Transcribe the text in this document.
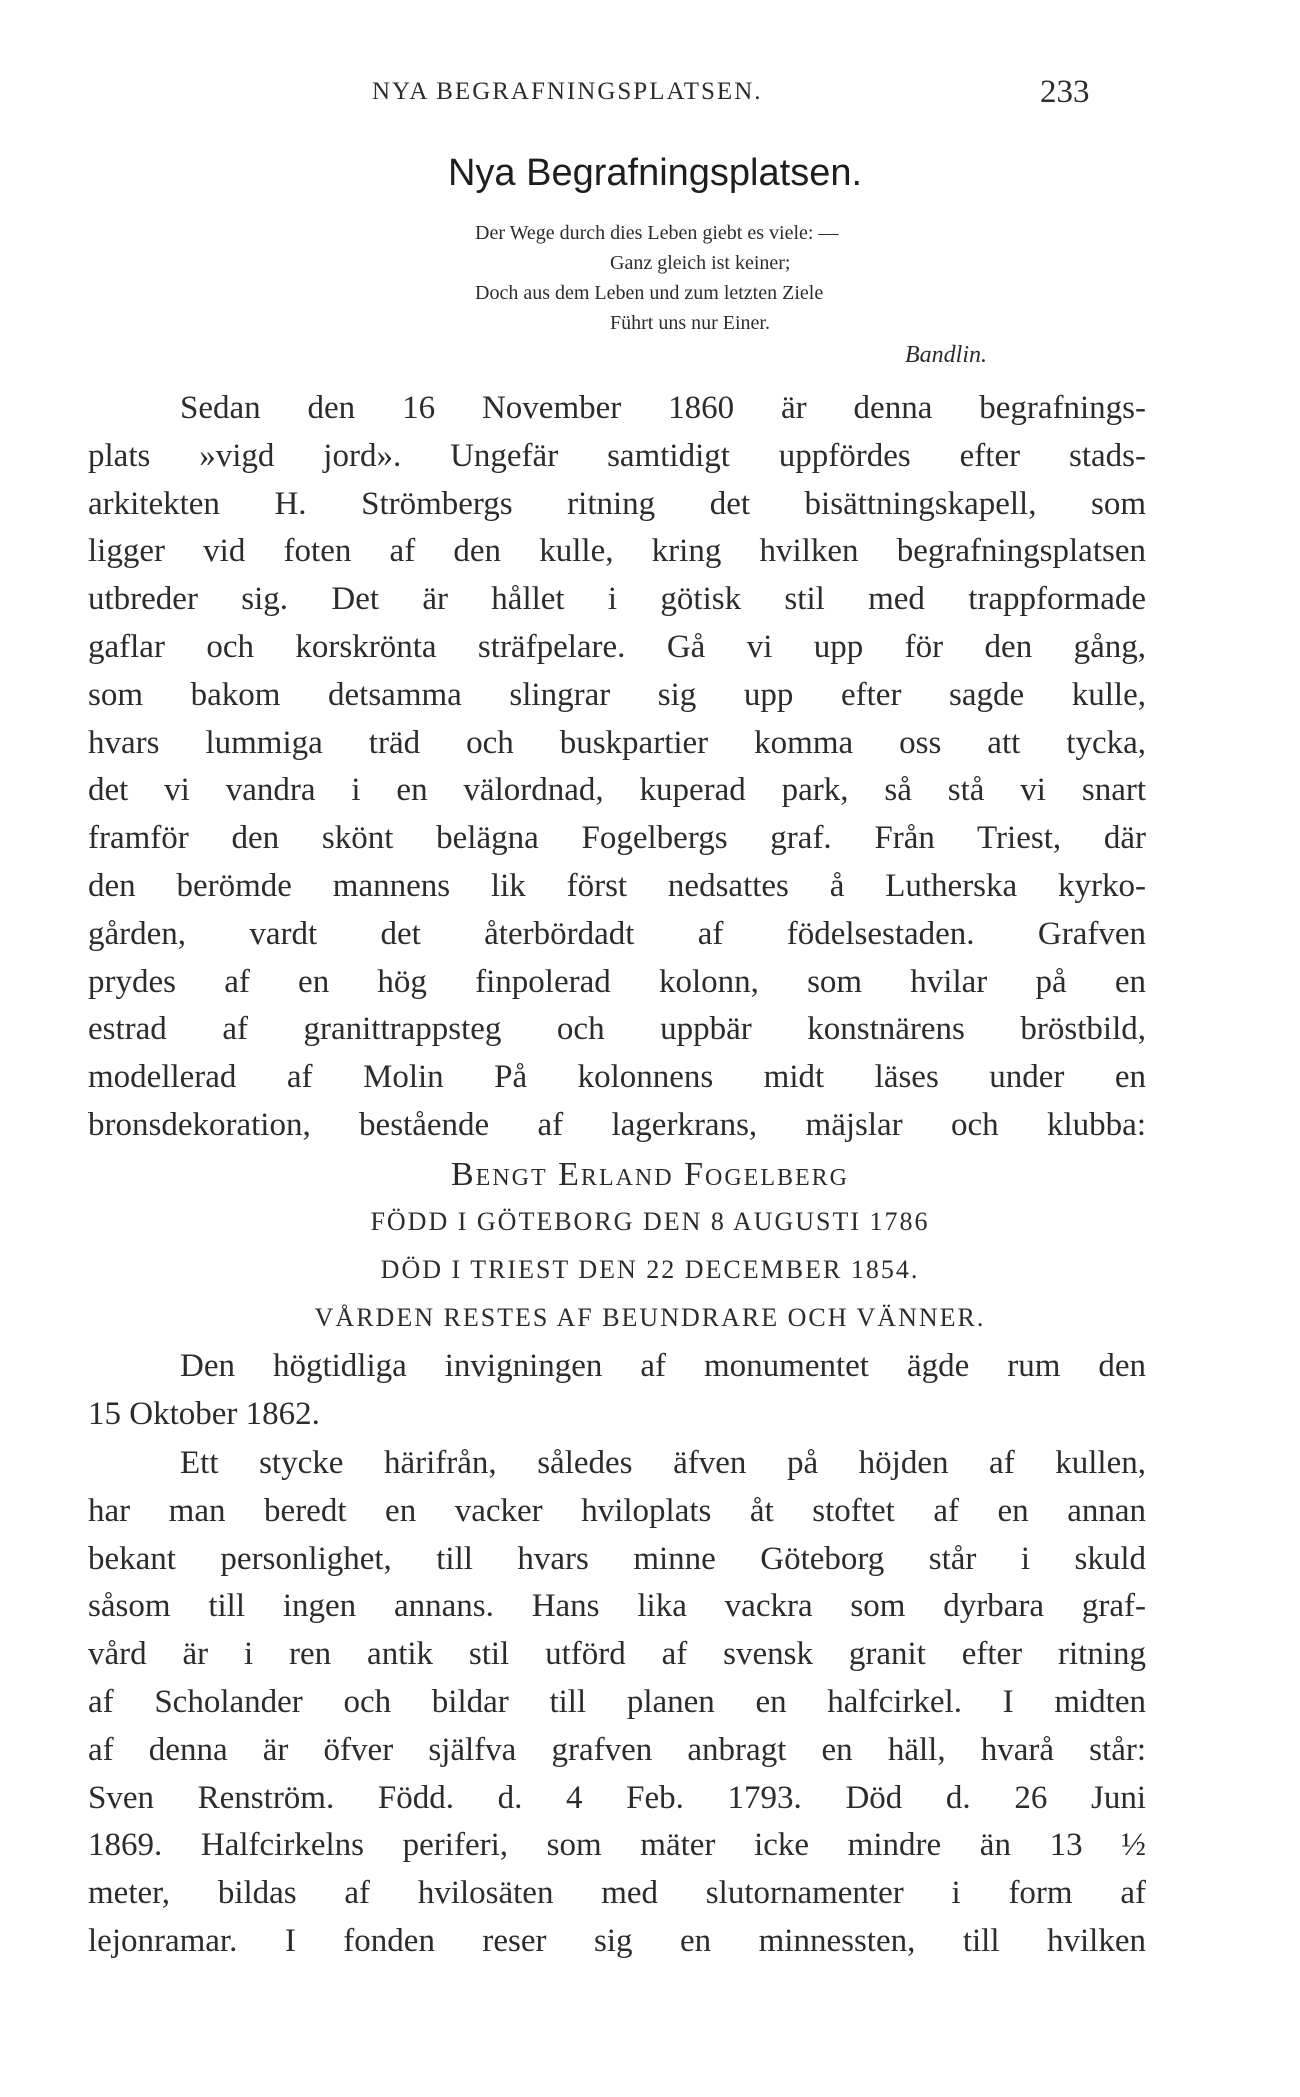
NYA BEGRAFNINGSPLATSEN.	233
Nya Begrafningsplatsen.
Der Wege durch dies Leben giebt es viele: —
Ganz gleich ist keiner;
Doch aus dem Leben und zum letzten Ziele
Führt uns nur Einer.
Bandlin.
Sedan den 16 November 1860 är denna begrafnings-
plats »vigd jord». Ungefär samtidigt uppfördes efter stads-
arkitekten H. Strömbergs ritning det bisättningskapell, som
ligger vid foten af den kulle, kring hvilken begrafningsplatsen
utbreder sig. Det är hållet i götisk stil med trappformade
gaflar och korskrönta sträfpelare. Gå vi upp för den gång,
som bakom detsamma slingrar sig upp efter sagde kulle,
hvars lummiga träd och buskpartier komma oss att tycka,
det vi vandra i en välordnad, kuperad park, så stå vi snart
framför den skönt belägna Fogelbergs graf. Från Triest, där
den berömde mannens lik först nedsattes å Lutherska kyrko-
gården, vardt det återbördadt af födelsestaden. Grafven
prydes af en hög finpolerad kolonn, som hvilar på en
estrad af granittrappsteg och uppbär konstnärens bröstbild,
modellerad af Molin På kolonnens midt läses under en
bronsdekoration, bestående af lagerkrans, mäjslar och klubba:
Bengt Erland Fogelberg
FÖDD I GÖTEBORG DEN 8 AUGUSTI 1786
DÖD I TRIEST DEN 22 DECEMBER 1854.
VÅRDEN RESTES AF BEUNDRARE OCH VÄNNER.
Den högtidliga invigningen af monumentet ägde rum den
15 Oktober 1862.
Ett stycke härifrån, således äfven på höjden af kullen,
har man beredt en vacker hviloplats åt stoftet af en annan
bekant personlighet, till hvars minne Göteborg står i skuld
såsom till ingen annans. Hans lika vackra som dyrbara graf-
vård är i ren antik stil utförd af svensk granit efter ritning
af Scholander och bildar till planen en halfcirkel. I midten
af denna är öfver själfva grafven anbragt en häll, hvarå står:
Sven Renström. Född. d. 4 Feb. 1793. Död d. 26 Juni
1869. Halfcirkelns periferi, som mäter icke mindre än 13 ½
meter, bildas af hvilosäten med slutornamenter i form af
lejonramar. I fonden reser sig en minnessten, till hvilken
